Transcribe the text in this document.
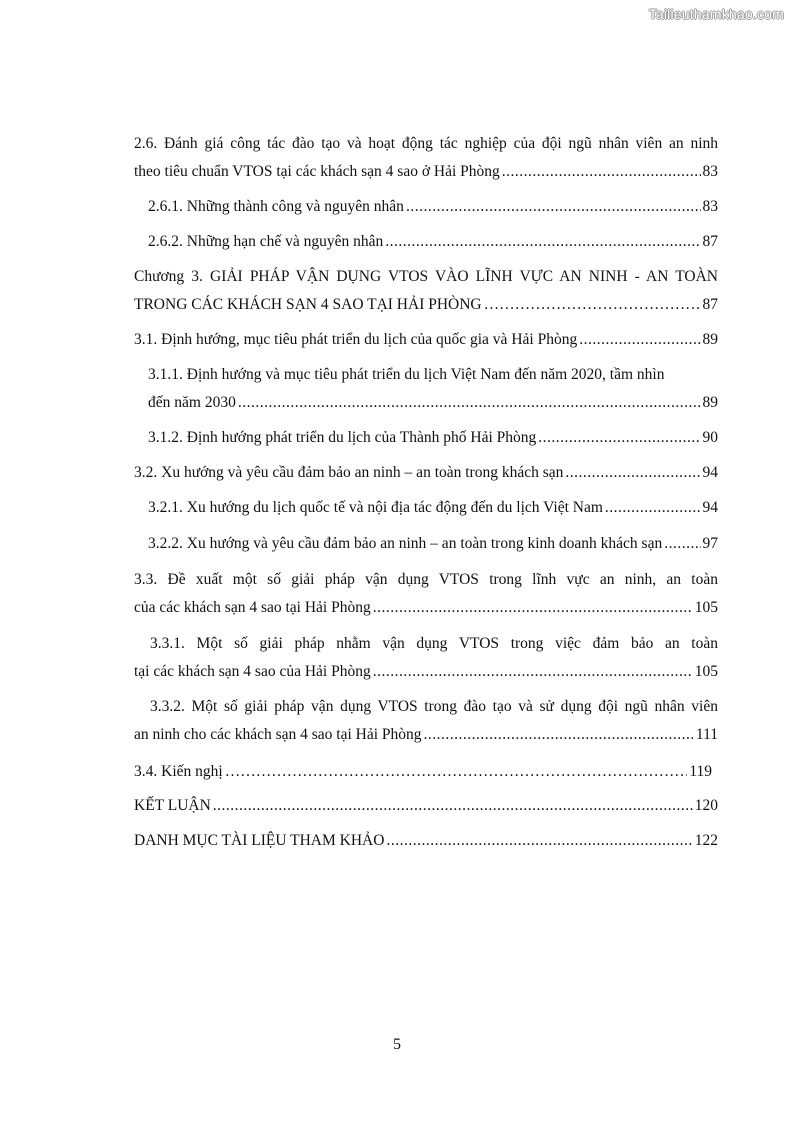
Tailieuthamkhao.com
2.6. Đánh giá công tác đào tạo và hoạt động tác nghiệp của đội ngũ nhân viên an ninh
theo tiêu chuẩn VTOS tại các khách sạn 4 sao ở Hải Phòng .....	83
2.6.1. Những thành công và nguyên nhân .....	83
2.6.2. Những hạn chế và nguyên nhân .....	87
Chương 3. GIẢI PHÁP VẬN DỤNG VTOS VÀO LĨNH VỰC AN NINH - AN TOÀN
TRONG CÁC KHÁCH SẠN 4 SAO TẠI HẢI PHÒNG ……………………………………………………………………………………………………………………………………	87
3.1. Định hướng, mục tiêu phát triển du lịch của quốc gia và Hải Phòng .....	89
3.1.1. Định hướng và mục tiêu phát triển du lịch Việt Nam đến năm 2020, tầm nhìn
đến năm 2030 .....	89
3.1.2. Định hướng phát triển du lịch của Thành phố Hải Phòng .....	90
3.2. Xu hướng và yêu cầu đảm bảo an ninh – an toàn trong khách sạn .....	94
3.2.1. Xu hướng du lịch quốc tế và nội địa tác động đến du lịch Việt Nam .....	94
3.2.2. Xu hướng và yêu cầu đảm bảo an ninh – an toàn trong kinh doanh khách sạn .....	97
3.3. Đề xuất một số giải pháp vận dụng VTOS trong lĩnh vực an ninh, an toàn
của các khách sạn 4 sao tại Hải Phòng .....	105
3.3.1. Một số giải pháp nhằm vận dụng VTOS trong việc đảm bảo an toàn
tại các khách sạn 4 sao của Hải Phòng .....	105
3.3.2. Một số giải pháp vận dụng VTOS trong đào tạo và sử dụng đội ngũ nhân viên
an ninh cho các khách sạn 4 sao tại Hải Phòng .....	111
3.4. Kiến nghị ……………………………………………………………………………………………………………………………………	119
KẾT LUẬN .....	120
DANH MỤC TÀI LIỆU THAM KHẢO .....	122
5
